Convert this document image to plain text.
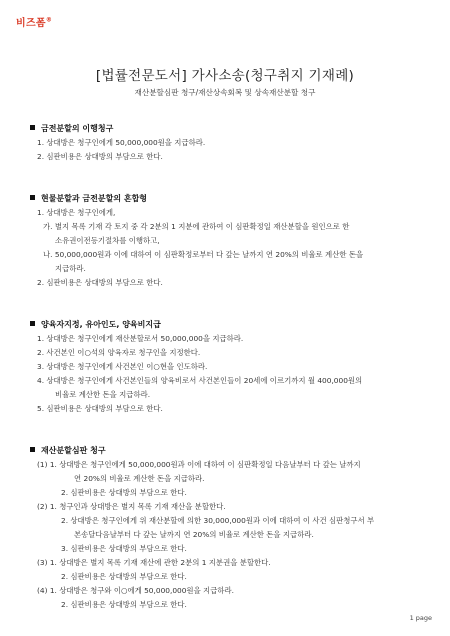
비즈폼®
[법률전문도서] 가사소송(청구취지 기재례)
재산분할심판 청구/재산상속회복 및 상속재산분할 청구
금전분할의 이행청구
1. 상대방은 청구인에게 50,000,000원을 지급하라.
2. 심판비용은 상대방의 부담으로 한다.
현물분할과 금전분할의 혼합형
1. 상대방은 청구인에게,
가. 별지 목록 기재 각 토지 중 각 2분의 1 지분에 관하여 이 심판확정일 재산분할을 원인으로 한
소유권이전등기절차를 이행하고,
나. 50,000,000원과 이에 대하여 이 심판확정로부터 다 갚는 날까지 연 20%의 비율로 계산한 돈을
지급하라.
2. 심판비용은 상대방의 부담으로 한다.
양육자지정, 유아인도, 양육비지급
1. 상대방은 청구인에게 재산분할로서 50,000,000을 지급하라.
2. 사건본인 이○석의 양육자로 청구인을 지정한다.
3. 상대방은 청구인에게 사건본인 이○현을 인도하라.
4. 상대방은 청구인에게 사건본인들의 양육비로서 사건본인들이 20세에 이르기까지 월 400,000원의
비율로 계산한 돈을 지급하라.
5. 심판비용은 상대방의 부담으로 한다.
재산분할심판 청구
(1) 1. 상대방은 청구인에게 50,000,000원과 이에 대하여 이 심판확정일 다음날부터 다 갚는 날까지
연 20%의 비율로 계산한 돈을 지급하라.
2. 심판비용은 상대방의 부담으로 한다.
(2) 1. 청구인과 상대방은 별지 목록 기재 재산을 분할한다.
2. 상대방은 청구인에게 위 재산분할에 의한 30,000,000원과 이에 대하여 이 사건 심판청구서 부
본송달다음날부터 다 갚는 날까지 연 20%의 비율로 계산한 돈을 지급하라.
3. 심판비용은 상대방의 부담으로 한다.
(3) 1. 상대방은 별지 목록 기재 재산에 관한 2분의 1 지분권을 분할한다.
2. 심판비용은 상대방의 부담으로 한다.
(4) 1. 상대방은 청구와 이○에게 50,000,000원을 지급하라.
2. 심판비용은 상대방의 부담으로 한다.
1 page
